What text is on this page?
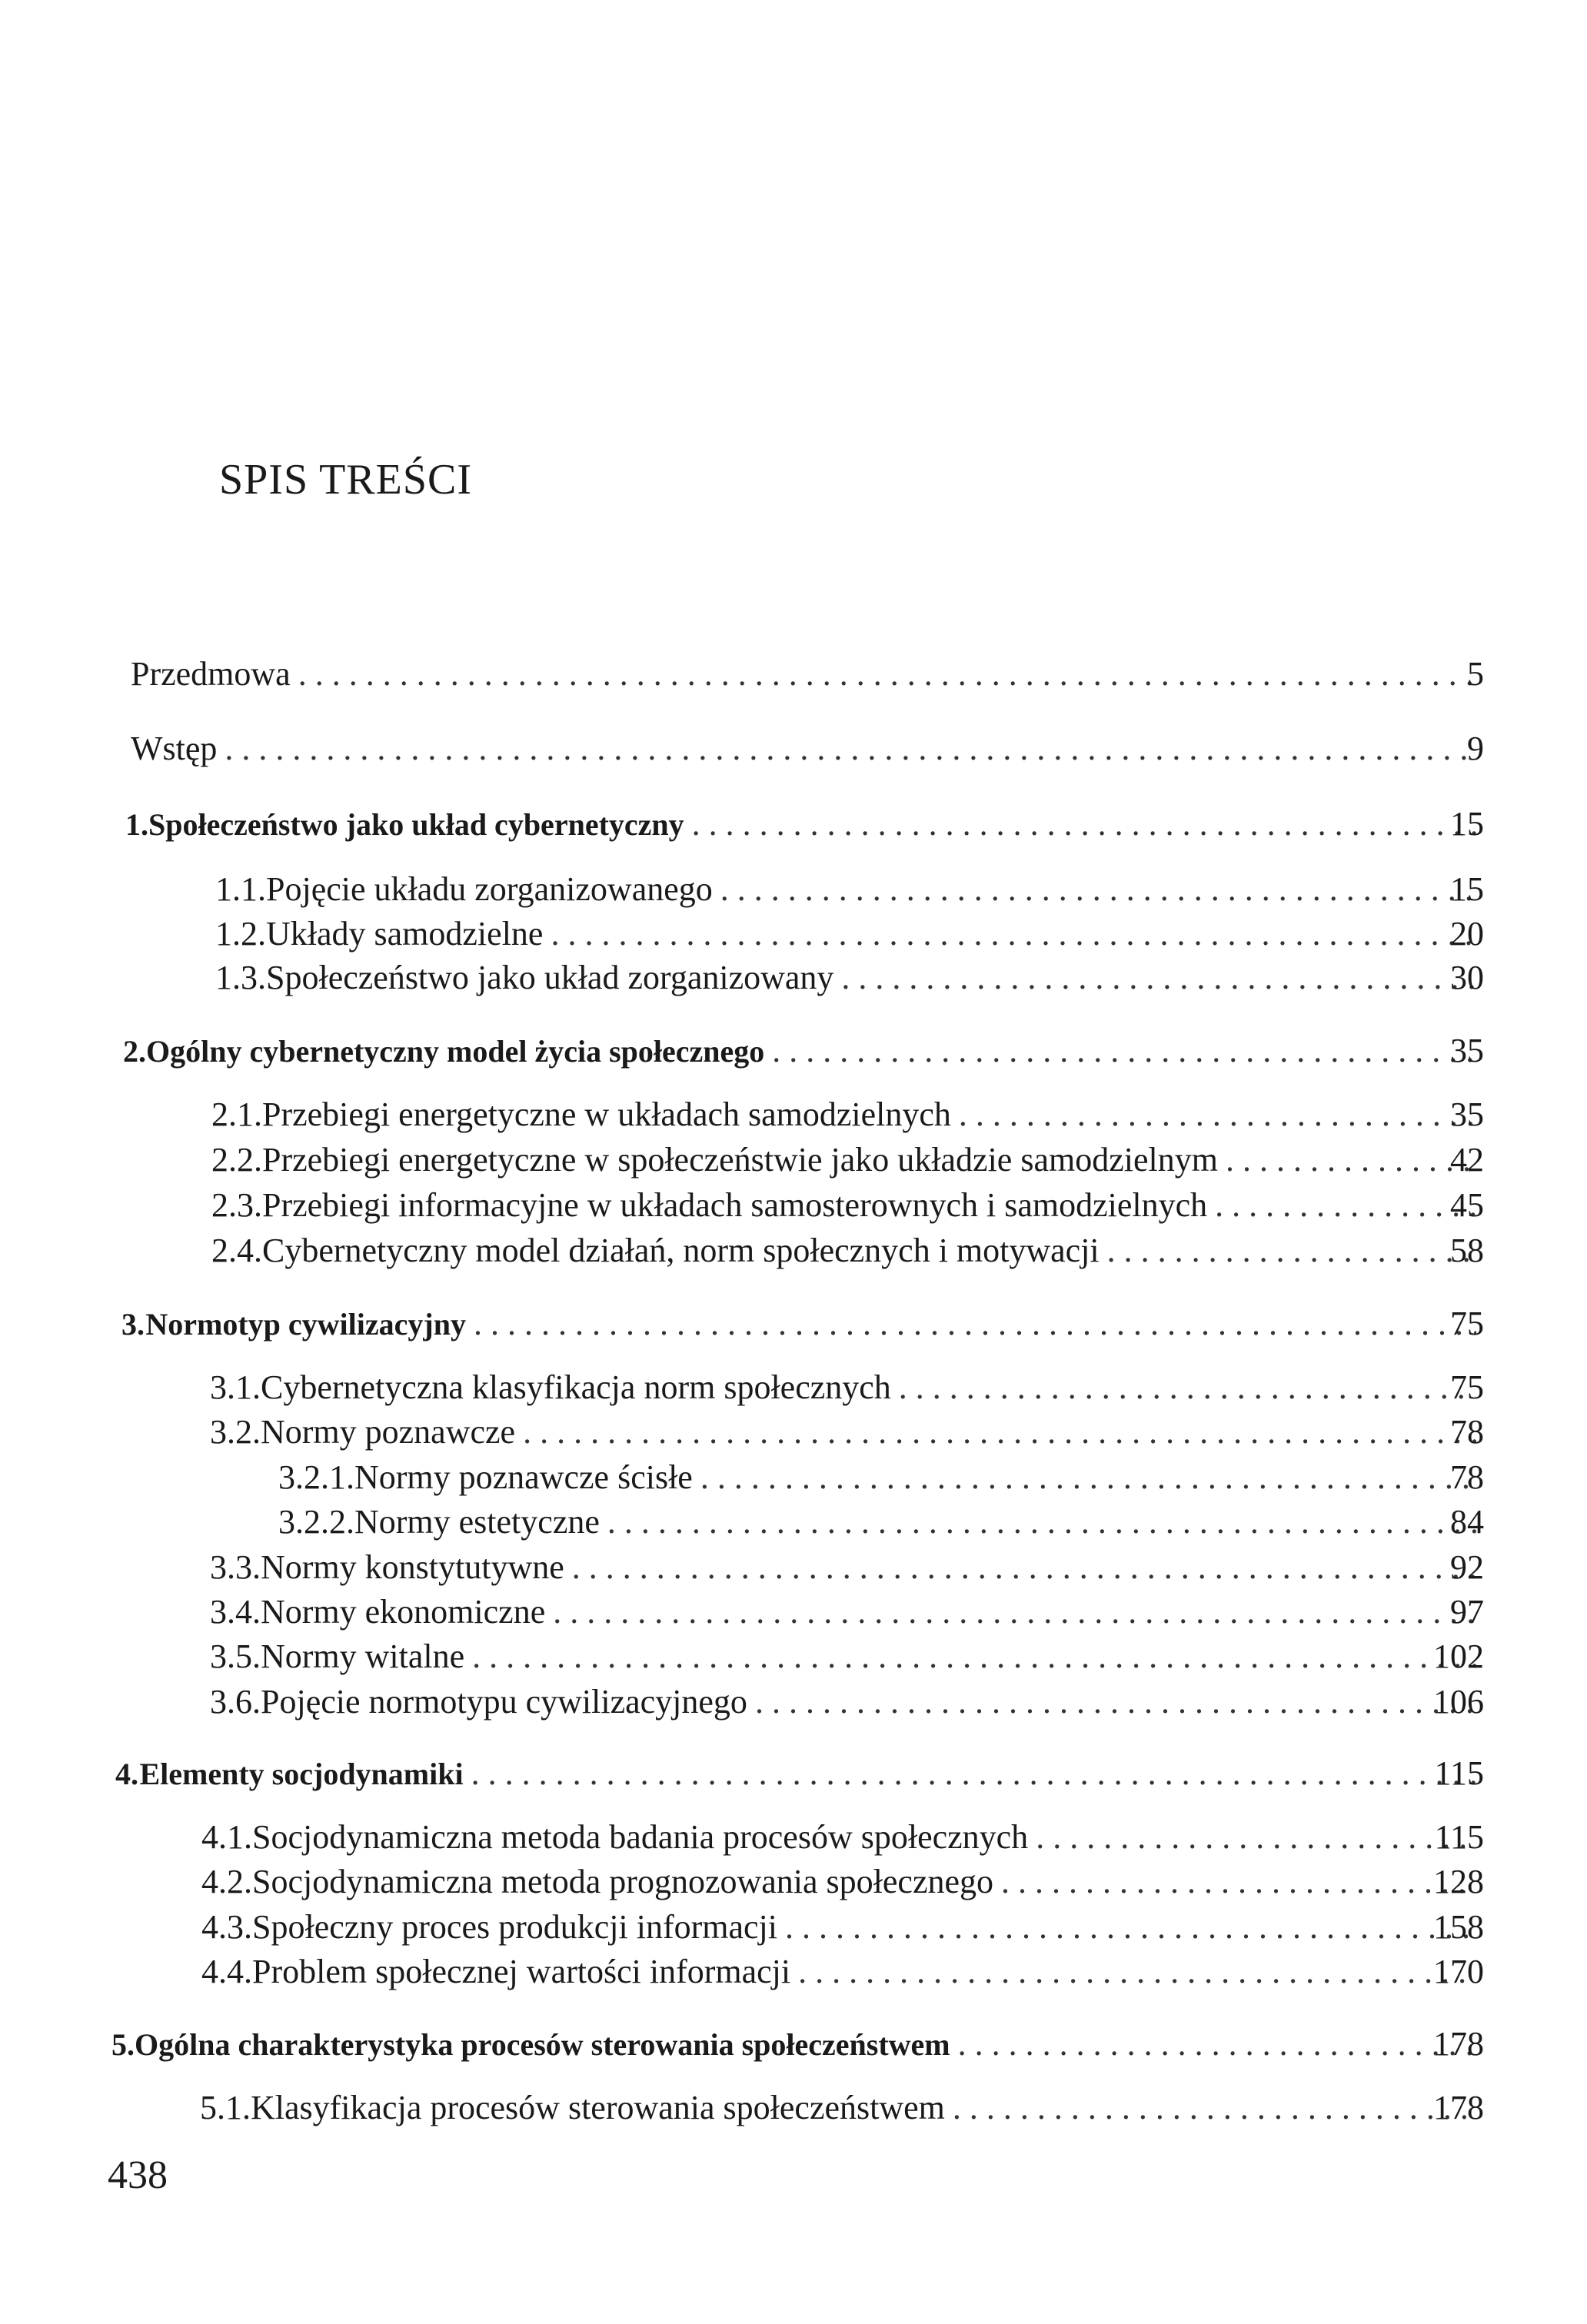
SPIS TREŚCI
Przedmowa . . .	5
Wstęp . . .	9
1. Społeczeństwo jako układ cybernetyczny . . .	15
1.1. Pojęcie układu zorganizowanego . . .	15
1.2. Układy samodzielne . . .	20
1.3. Społeczeństwo jako układ zorganizowany . . .	30
2. Ogólny cybernetyczny model życia społecznego . . .	35
2.1. Przebiegi energetyczne w układach samodzielnych . . .	35
2.2. Przebiegi energetyczne w społeczeństwie jako układzie samodzielnym . . .	42
2.3. Przebiegi informacyjne w układach samosterownych i samodzielnych . . .	45
2.4. Cybernetyczny model działań, norm społecznych i motywacji . . .	58
3. Normotyp cywilizacyjny . . .	75
3.1. Cybernetyczna klasyfikacja norm społecznych . . .	75
3.2. Normy poznawcze . . .	78
3.2.1. Normy poznawcze ścisłe . . .	78
3.2.2. Normy estetyczne . . .	84
3.3. Normy konstytutywne . . .	92
3.4. Normy ekonomiczne . . .	97
3.5. Normy witalne . . .	102
3.6. Pojęcie normotypu cywilizacyjnego . . .	106
4. Elementy socjodynamiki . . .	115
4.1. Socjodynamiczna metoda badania procesów społecznych . . .	115
4.2. Socjodynamiczna metoda prognozowania społecznego . . .	128
4.3. Społeczny proces produkcji informacji . . .	158
4.4. Problem społecznej wartości informacji . . .	170
5. Ogólna charakterystyka procesów sterowania społeczeństwem . . .	178
5.1. Klasyfikacja procesów sterowania społeczeństwem . . .	178
438
